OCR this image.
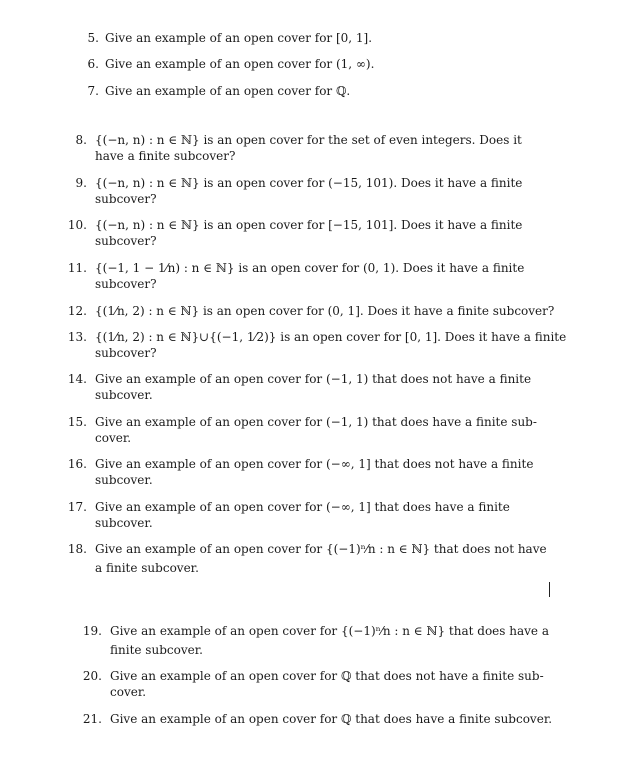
5. Give an example of an open cover for [0, 1].
6. Give an example of an open cover for (1, ∞).
7. Give an example of an open cover for ℚ.
8. {(−n, n) : n ∈ ℕ} is an open cover for the set of even integers. Does it
have a finite subcover?
9. {(−n, n) : n ∈ ℕ} is an open cover for (−15, 101). Does it have a finite
subcover?
10. {(−n, n) : n ∈ ℕ} is an open cover for [−15, 101]. Does it have a finite
subcover?
11. {(−1, 1 − 1⁄n) : n ∈ ℕ} is an open cover for (0, 1). Does it have a finite
subcover?
12. {(1⁄n, 2) : n ∈ ℕ} is an open cover for (0, 1]. Does it have a finite subcover?
13. {(1⁄n, 2) : n ∈ ℕ}∪{(−1, 1⁄2)} is an open cover for [0, 1]. Does it have a finite
subcover?
14. Give an example of an open cover for (−1, 1) that does not have a finite
subcover.
15. Give an example of an open cover for (−1, 1) that does have a finite sub-
cover.
16. Give an example of an open cover for (−∞, 1] that does not have a finite
subcover.
17. Give an example of an open cover for (−∞, 1] that does have a finite
subcover.
18. Give an example of an open cover for {(−1)ⁿ⁄n : n ∈ ℕ} that does not have
a finite subcover.
19. Give an example of an open cover for {(−1)ⁿ⁄n : n ∈ ℕ} that does have a
finite subcover.
20. Give an example of an open cover for ℚ that does not have a finite sub-
cover.
21. Give an example of an open cover for ℚ that does have a finite subcover.
